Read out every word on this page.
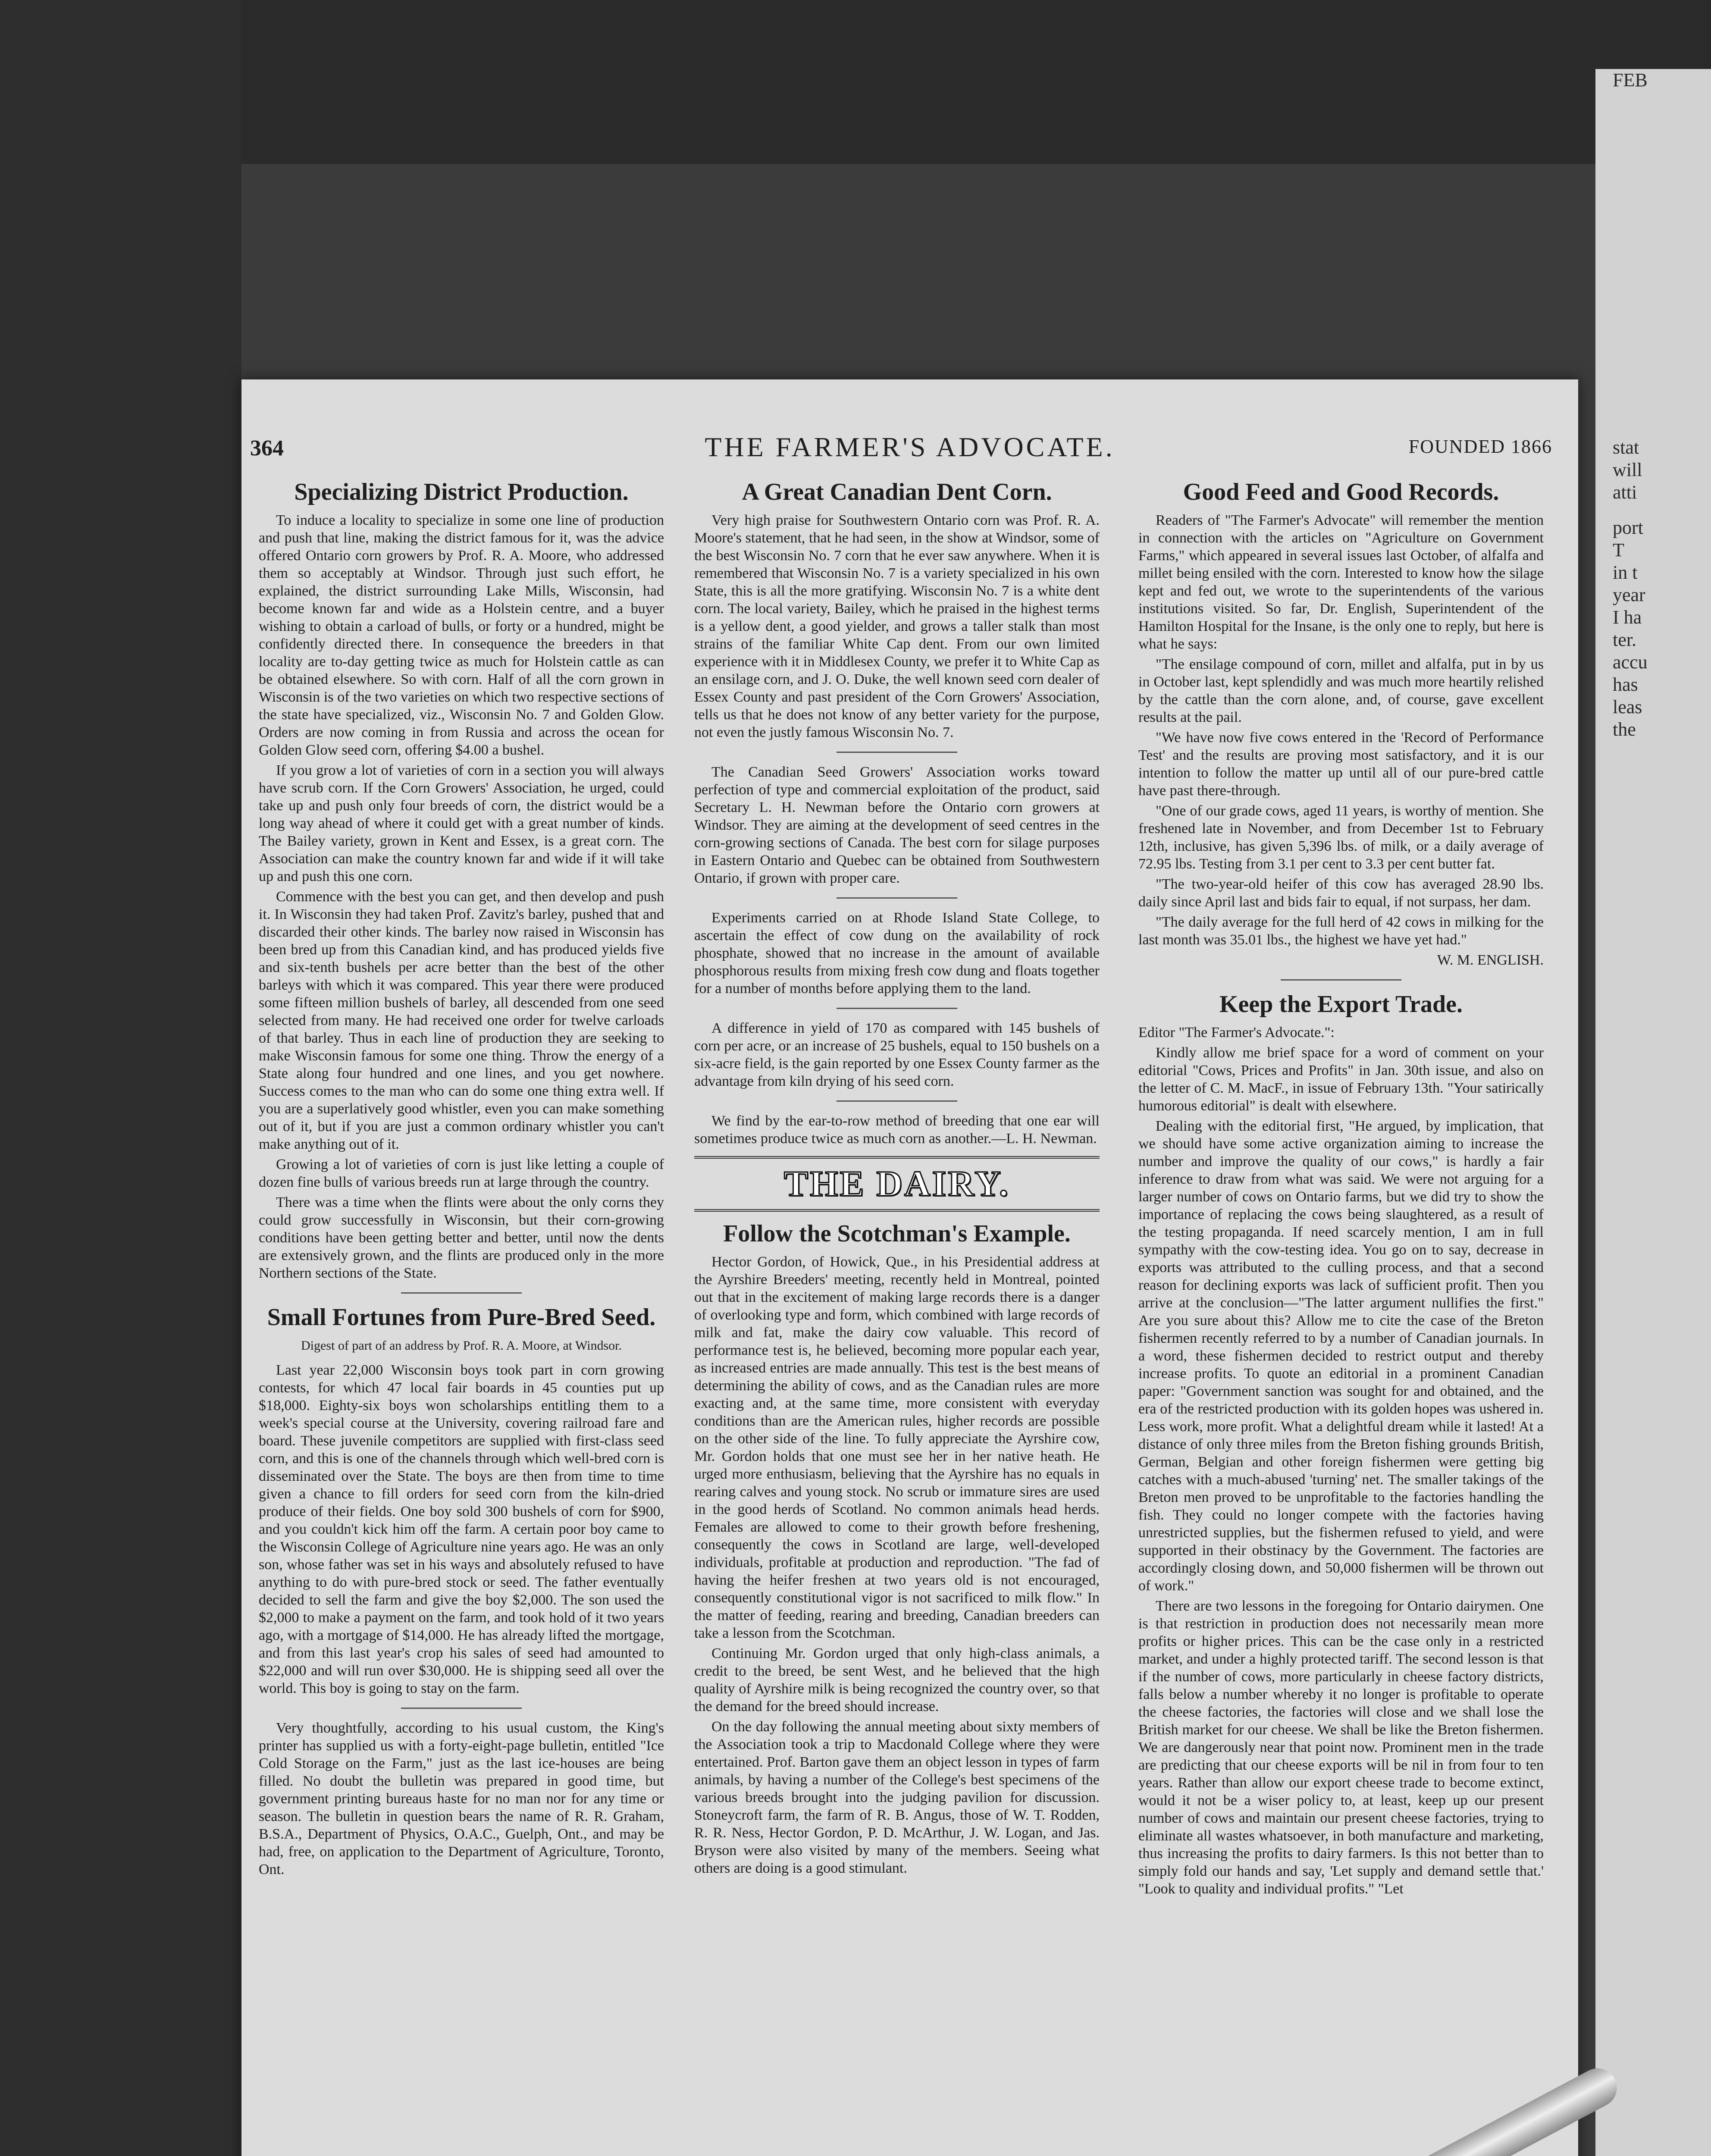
FEB
stat
will
atti
port
T
in t
year
I ha
ter.
accu
has
leas
the
THE FARMER'S ADVOCATE.
364	FOUNDED 1866
Specializing District Production.

To induce a locality to specialize in some one line of production and push that line, making the district famous for it, was the advice offered Ontario corn growers by Prof. R. A. Moore, who addressed them so acceptably at Windsor. Through just such effort, he explained, the district surrounding Lake Mills, Wisconsin, had become known far and wide as a Holstein centre, and a buyer wishing to obtain a carload of bulls, or forty or a hundred, might be confidently directed there. In consequence the breeders in that locality are to-day getting twice as much for Holstein cattle as can be obtained elsewhere. So with corn. Half of all the corn grown in Wisconsin is of the two varieties on which two respective sections of the state have specialized, viz., Wisconsin No. 7 and Golden Glow. Orders are now coming in from Russia and across the ocean for Golden Glow seed corn, offering $4.00 a bushel.

If you grow a lot of varieties of corn in a section you will always have scrub corn. If the Corn Growers' Association, he urged, could take up and push only four breeds of corn, the district would be a long way ahead of where it could get with a great number of kinds. The Bailey variety, grown in Kent and Essex, is a great corn. The Association can make the country known far and wide if it will take up and push this one corn.

Commence with the best you can get, and then develop and push it. In Wisconsin they had taken Prof. Zavitz's barley, pushed that and discarded their other kinds. The barley now raised in Wisconsin has been bred up from this Canadian kind, and has produced yields five and six-tenth bushels per acre better than the best of the other barleys with which it was compared. This year there were produced some fifteen million bushels of barley, all descended from one seed selected from many. He had received one order for twelve carloads of that barley. Thus in each line of production they are seeking to make Wisconsin famous for some one thing. Throw the energy of a State along four hundred and one lines, and you get nowhere. Success comes to the man who can do some one thing extra well. If you are a superlatively good whistler, even you can make something out of it, but if you are just a common ordinary whistler you can't make anything out of it.

Growing a lot of varieties of corn is just like letting a couple of dozen fine bulls of various breeds run at large through the country.

There was a time when the flints were about the only corns they could grow successfully in Wisconsin, but their corn-growing conditions have been getting better and better, until now the dents are extensively grown, and the flints are produced only in the more Northern sections of the State.

Small Fortunes from Pure-Bred Seed.

Digest of part of an address by Prof. R. A. Moore, at Windsor.

Last year 22,000 Wisconsin boys took part in corn growing contests, for which 47 local fair boards in 45 counties put up $18,000. Eighty-six boys won scholarships entitling them to a week's special course at the University, covering railroad fare and board. These juvenile competitors are supplied with first-class seed corn, and this is one of the channels through which well-bred corn is disseminated over the State. The boys are then from time to time given a chance to fill orders for seed corn from the kiln-dried produce of their fields. One boy sold 300 bushels of corn for $900, and you couldn't kick him off the farm. A certain poor boy came to the Wisconsin College of Agriculture nine years ago. He was an only son, whose father was set in his ways and absolutely refused to have anything to do with pure-bred stock or seed. The father eventually decided to sell the farm and give the boy $2,000. The son used the $2,000 to make a payment on the farm, and took hold of it two years ago, with a mortgage of $14,000. He has already lifted the mortgage, and from this last year's crop his sales of seed had amounted to $22,000 and will run over $30,000. He is shipping seed all over the world. This boy is going to stay on the farm.

Very thoughtfully, according to his usual custom, the King's printer has supplied us with a forty-eight-page bulletin, entitled "Ice Cold Storage on the Farm," just as the last ice-houses are being filled. No doubt the bulletin was prepared in good time, but government printing bureaus haste for no man nor for any time or season. The bulletin in question bears the name of R. R. Graham, B.S.A., Department of Physics, O.A.C., Guelph, Ont., and may be had, free, on application to the Department of Agriculture, Toronto, Ont.

A Great Canadian Dent Corn.

Very high praise for Southwestern Ontario corn was Prof. R. A. Moore's statement, that he had seen, in the show at Windsor, some of the best Wisconsin No. 7 corn that he ever saw anywhere. When it is remembered that Wisconsin No. 7 is a variety specialized in his own State, this is all the more gratifying. Wisconsin No. 7 is a white dent corn. The local variety, Bailey, which he praised in the highest terms is a yellow dent, a good yielder, and grows a taller stalk than most strains of the familiar White Cap dent. From our own limited experience with it in Middlesex County, we prefer it to White Cap as an ensilage corn, and J. O. Duke, the well known seed corn dealer of Essex County and past president of the Corn Growers' Association, tells us that he does not know of any better variety for the purpose, not even the justly famous Wisconsin No. 7.

The Canadian Seed Growers' Association works toward perfection of type and commercial exploitation of the product, said Secretary L. H. Newman before the Ontario corn growers at Windsor. They are aiming at the development of seed centres in the corn-growing sections of Canada. The best corn for silage purposes in Eastern Ontario and Quebec can be obtained from Southwestern Ontario, if grown with proper care.

Experiments carried on at Rhode Island State College, to ascertain the effect of cow dung on the availability of rock phosphate, showed that no increase in the amount of available phosphorous results from mixing fresh cow dung and floats together for a number of months before applying them to the land.

A difference in yield of 170 as compared with 145 bushels of corn per acre, or an increase of 25 bushels, equal to 150 bushels on a six-acre field, is the gain reported by one Essex County farmer as the advantage from kiln drying of his seed corn.

We find by the ear-to-row method of breeding that one ear will sometimes produce twice as much corn as another.—L. H. Newman.

THE DAIRY.
Follow the Scotchman's Example.

Hector Gordon, of Howick, Que., in his Presidential address at the Ayrshire Breeders' meeting, recently held in Montreal, pointed out that in the excitement of making large records there is a danger of overlooking type and form, which combined with large records of milk and fat, make the dairy cow valuable. This record of performance test is, he believed, becoming more popular each year, as increased entries are made annually. This test is the best means of determining the ability of cows, and as the Canadian rules are more exacting and, at the same time, more consistent with everyday conditions than are the American rules, higher records are possible on the other side of the line. To fully appreciate the Ayrshire cow, Mr. Gordon holds that one must see her in her native heath. He urged more enthusiasm, believing that the Ayrshire has no equals in rearing calves and young stock. No scrub or immature sires are used in the good herds of Scotland. No common animals head herds. Females are allowed to come to their growth before freshening, consequently the cows in Scotland are large, well-developed individuals, profitable at production and reproduction. "The fad of having the heifer freshen at two years old is not encouraged, consequently constitutional vigor is not sacrificed to milk flow." In the matter of feeding, rearing and breeding, Canadian breeders can take a lesson from the Scotchman.

Continuing Mr. Gordon urged that only high-class animals, a credit to the breed, be sent West, and he believed that the high quality of Ayrshire milk is being recognized the country over, so that the demand for the breed should increase.

On the day following the annual meeting about sixty members of the Association took a trip to Macdonald College where they were entertained. Prof. Barton gave them an object lesson in types of farm animals, by having a number of the College's best specimens of the various breeds brought into the judging pavilion for discussion. Stoneycroft farm, the farm of R. B. Angus, those of W. T. Rodden, R. R. Ness, Hector Gordon, P. D. McArthur, J. W. Logan, and Jas. Bryson were also visited by many of the members. Seeing what others are doing is a good stimulant.

Good Feed and Good Records.

Readers of "The Farmer's Advocate" will remember the mention in connection with the articles on "Agriculture on Government Farms," which appeared in several issues last October, of alfalfa and millet being ensiled with the corn. Interested to know how the silage kept and fed out, we wrote to the superintendents of the various institutions visited. So far, Dr. English, Superintendent of the Hamilton Hospital for the Insane, is the only one to reply, but here is what he says:

"The ensilage compound of corn, millet and alfalfa, put in by us in October last, kept splendidly and was much more heartily relished by the cattle than the corn alone, and, of course, gave excellent results at the pail.

"We have now five cows entered in the 'Record of Performance Test' and the results are proving most satisfactory, and it is our intention to follow the matter up until all of our pure-bred cattle have past there-through.

"One of our grade cows, aged 11 years, is worthy of mention. She freshened late in November, and from December 1st to February 12th, inclusive, has given 5,396 lbs. of milk, or a daily average of 72.95 lbs. Testing from 3.1 per cent to 3.3 per cent butter fat.

"The two-year-old heifer of this cow has averaged 28.90 lbs. daily since April last and bids fair to equal, if not surpass, her dam.

"The daily average for the full herd of 42 cows in milking for the last month was 35.01 lbs., the highest we have yet had."

W. M. ENGLISH.

Keep the Export Trade.

Editor "The Farmer's Advocate.":

Kindly allow me brief space for a word of comment on your editorial "Cows, Prices and Profits" in Jan. 30th issue, and also on the letter of C. M. MacF., in issue of February 13th. "Your satirically humorous editorial" is dealt with elsewhere.

Dealing with the editorial first, "He argued, by implication, that we should have some active organization aiming to increase the number and improve the quality of our cows," is hardly a fair inference to draw from what was said. We were not arguing for a larger number of cows on Ontario farms, but we did try to show the importance of replacing the cows being slaughtered, as a result of the testing propaganda. If need scarcely mention, I am in full sympathy with the cow-testing idea. You go on to say, decrease in exports was attributed to the culling process, and that a second reason for declining exports was lack of sufficient profit. Then you arrive at the conclusion—"The latter argument nullifies the first." Are you sure about this? Allow me to cite the case of the Breton fishermen recently referred to by a number of Canadian journals. In a word, these fishermen decided to restrict output and thereby increase profits. To quote an editorial in a prominent Canadian paper: "Government sanction was sought for and obtained, and the era of the restricted production with its golden hopes was ushered in. Less work, more profit. What a delightful dream while it lasted! At a distance of only three miles from the Breton fishing grounds British, German, Belgian and other foreign fishermen were getting big catches with a much-abused 'turning' net. The smaller takings of the Breton men proved to be unprofitable to the factories handling the fish. They could no longer compete with the factories having unrestricted supplies, but the fishermen refused to yield, and were supported in their obstinacy by the Government. The factories are accordingly closing down, and 50,000 fishermen will be thrown out of work."

There are two lessons in the foregoing for Ontario dairymen. One is that restriction in production does not necessarily mean more profits or higher prices. This can be the case only in a restricted market, and under a highly protected tariff. The second lesson is that if the number of cows, more particularly in cheese factory districts, falls below a number whereby it no longer is profitable to operate the cheese factories, the factories will close and we shall lose the British market for our cheese. We shall be like the Breton fishermen. We are dangerously near that point now. Prominent men in the trade are predicting that our cheese exports will be nil in from four to ten years. Rather than allow our export cheese trade to become extinct, would it not be a wiser policy to, at least, keep up our present number of cows and maintain our present cheese factories, trying to eliminate all wastes whatsoever, in both manufacture and marketing, thus increasing the profits to dairy farmers. Is this not better than to simply fold our hands and say, 'Let supply and demand settle that.' "Look to quality and individual profits." "Let
